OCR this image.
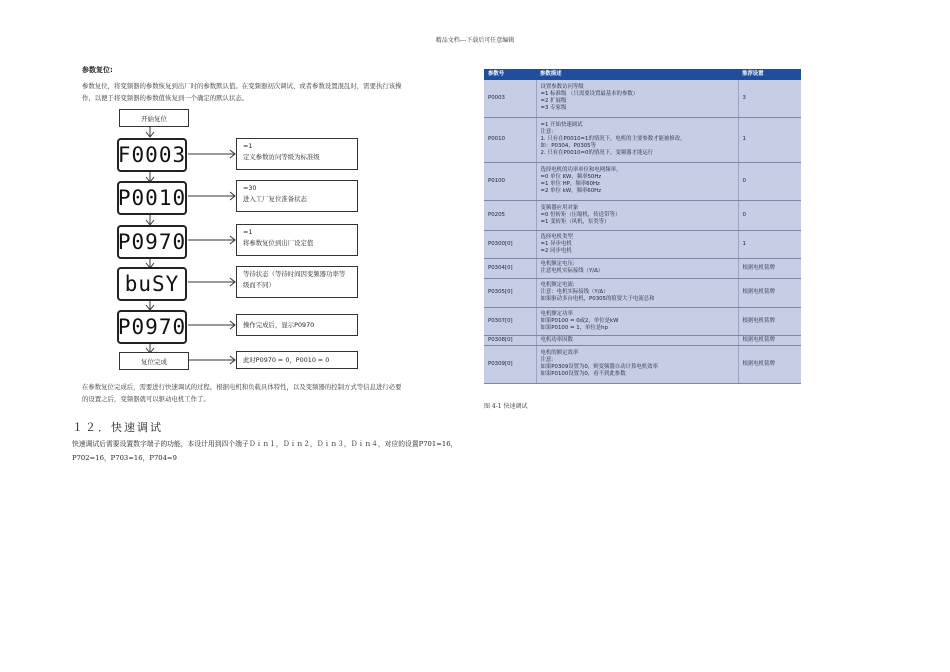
精品文档---下载后可任意编辑
参数复位:
参数复位，将变频器的参数恢复到出厂时的参数默认值。在变频器初次调试、或者参数设置混乱时，需要执行该操作，以便于将变频器的参数值恢复到一个确定的默认状态。
开始复位
F0003	=1
定义参数访问等级为标准级
P0010	=30
进入工厂复位准备状态
P0970	=1
将参数复位到出厂设定值
buSY	等待状态（等待时间因变频器功率等级而不同）
P0970	操作完成后，显示P0970
复位完成	此时P0970 = 0，P0010 = 0
在参数复位完成后，需要进行快速调试的过程。根据电机和负载具体特性，以及变频器的控制方式等信息进行必要的设置之后，变频器就可以驱动电机工作了。
１２．快速调试
快速调试后需要设置数字端子的功能，本设计用到四个端子Ｄｉｎ１，Ｄｉｎ２，Ｄｉｎ３，Ｄｉｎ４，对应的设置P701=16，P702=16，P703=16，P704=9
参数号	参数描述	推荐设置
P0003	设置参数访问等级
=1 标准级 （只需要设置最基本的参数）
=2 扩展级
=3 专家级	3
P0010	=1 开始快速调试
注意:
1. 只有在P0010=1的情况下，电机的主要参数才能被修改，
如：P0304，P0305等
2. 只有在P0010=0的情况下，变频器才能运行	1
P0100	选择电机的功率单位和电网频率。
=0 单位 KW，频率50Hz
=1 单位 HP，频率60Hz
=2 单位 kW，频率60Hz	0
P0205	变频器应用对象
=0 恒转矩（压缩机，传送带等）
=1 变转矩（风机，泵类等）	0
P0300[0]	选择电机类型
=1 异步电机
=2 同步电机	1
P0304[0]	电机额定电压:
注意电机实际接线（Y/Δ）	根据电机铭牌
P0305[0]	电机额定电流:
注意：电机实际接线（Y/Δ）
如果驱动多台电机，P0305的值要大于电流总和	根据电机铭牌
P0307[0]	电机额定功率
如果P0100 = 0或2，单位是kW
如果P0100 = 1，单位是hp	根据电机铭牌
P0308[0]	电机功率因数	根据电机铭牌
P0309[0]	电机的额定效率
注意:
如果P0309设置为0，则变频器自动计算电机效率
如果P0100设置为0，看不到此参数	根据电机铭牌
图 4-1 快速调试
